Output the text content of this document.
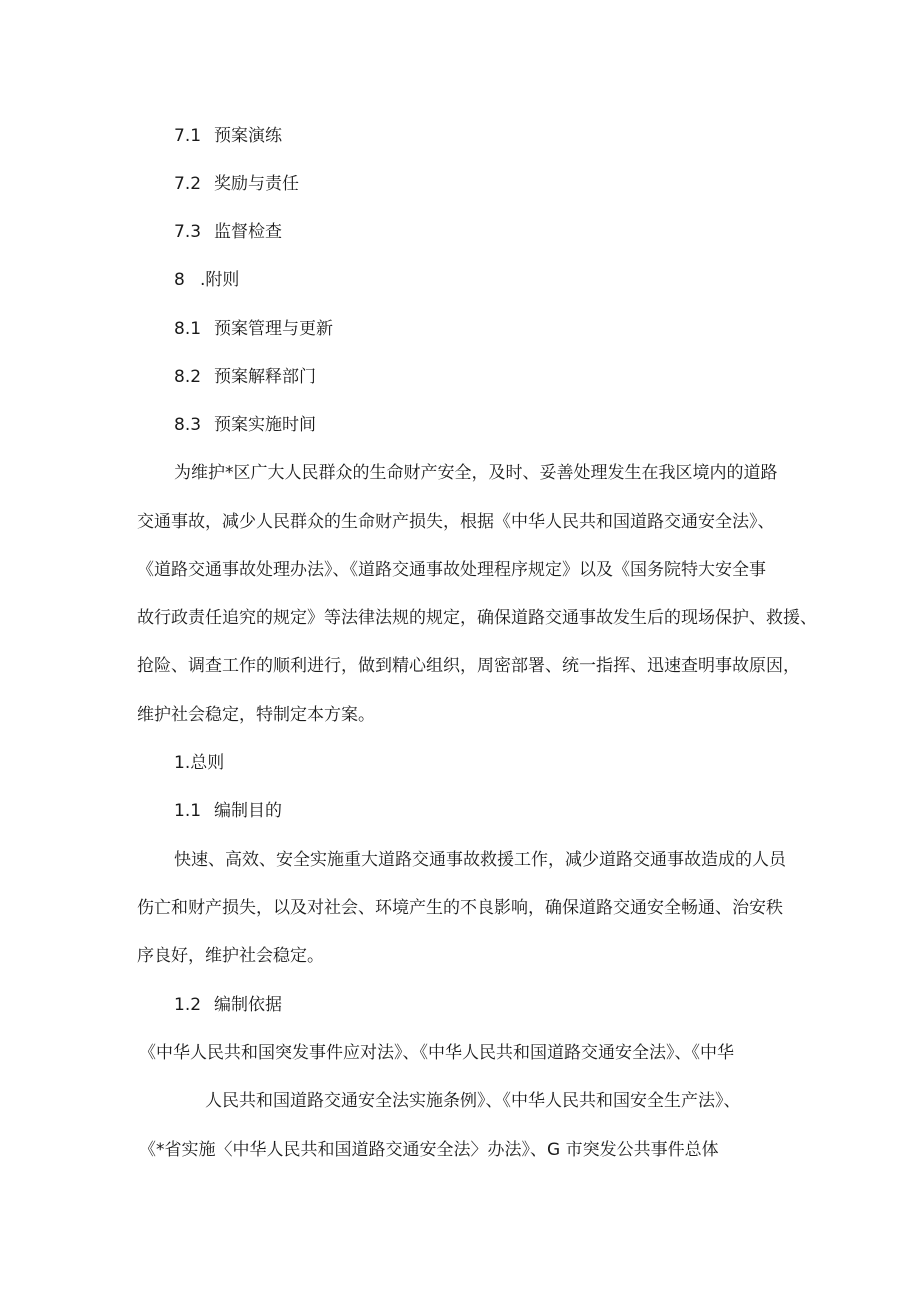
7.1 预案演练
7.2 奖励与责任
7.3 监督检查
8 .附则
8.1 预案管理与更新
8.2 预案解释部门
8.3 预案实施时间
为维护*区广大人民群众的生命财产安全，及时、妥善处理发生在我区境内的道路
交通事故，减少人民群众的生命财产损失，根据《中华人民共和国道路交通安全法》、
《道路交通事故处理办法》、《道路交通事故处理程序规定》以及《国务院特大安全事
故行政责任追究的规定》等法律法规的规定，确保道路交通事故发生后的现场保护、救援、
抢险、调查工作的顺利进行，做到精心组织，周密部署、统一指挥、迅速查明事故原因，
维护社会稳定，特制定本方案。
1.总则
1.1 编制目的
快速、高效、安全实施重大道路交通事故救援工作，减少道路交通事故造成的人员
伤亡和财产损失，以及对社会、环境产生的不良影响，确保道路交通安全畅通、治安秩
序良好，维护社会稳定。
1.2 编制依据
《中华人民共和国突发事件应对法》、《中华人民共和国道路交通安全法》、《中华
人民共和国道路交通安全法实施条例》、《中华人民共和国安全生产法》、
《*省实施〈中华人民共和国道路交通安全法〉办法》、G 市突发公共事件总体
